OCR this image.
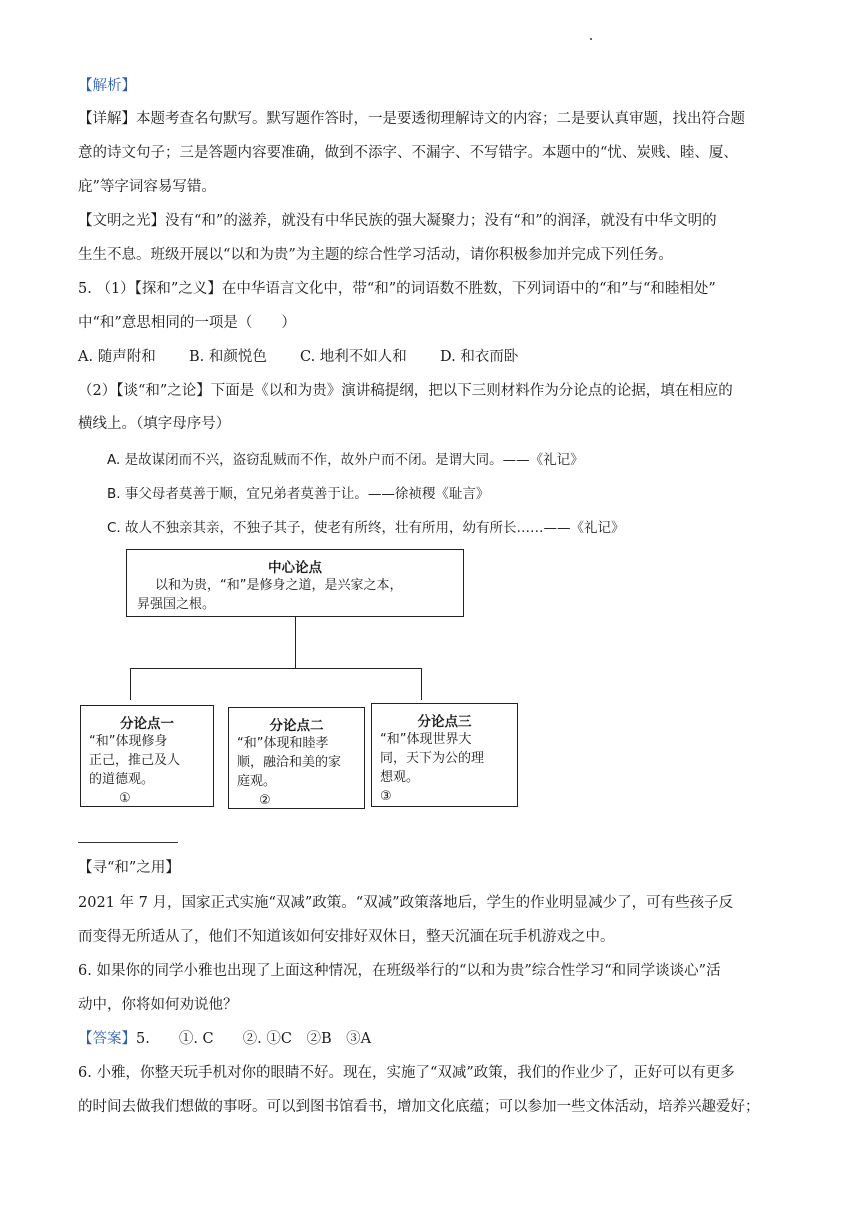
【解析】
【详解】本题考查名句默写。默写题作答时，一是要透彻理解诗文的内容；二是要认真审题，找出符合题
意的诗文句子；三是答题内容要准确，做到不添字、不漏字、不写错字。本题中的“忧、炭贱、睦、厦、
庇”等字词容易写错。
【文明之光】没有“和”的滋养，就没有中华民族的强大凝聚力；没有“和”的润泽，就没有中华文明的
生生不息。班级开展以“以和为贵”为主题的综合性学习活动，请你积极参加并完成下列任务。
5. （1）【探和”之义】在中华语言文化中，带“和”的词语数不胜数，下列词语中的“和”与“和睦相处”
中“和”意思相同的一项是（　　）
A. 随声附和 B. 和颜悦色 C. 地利不如人和 D. 和衣而卧
（2）【谈“和”之论】下面是《以和为贵》演讲稿提纲，把以下三则材料作为分论点的论据，填在相应的
横线上。（填字母序号）
A. 是故谋闭而不兴，盗窃乱贼而不作，故外户而不闭。是谓大同。——《礼记》
B. 事父母者莫善于顺，宜兄弟者莫善于让。——徐祯稷《耻言》
C. 故人不独亲其亲，不独子其子，使老有所终，壮有所用，幼有所长……——《礼记》
中心论点
以和为贵，“和”是修身之道，是兴家之本，
昇强国之根。
分论点一
“和”体现修身
正己，推己及人
的道德观。
①
分论点二
“和”体现和睦孝
顺，融洽和美的家
庭观。
②
分论点三
“和”体现世界大
同，天下为公的理
想观。
③
【寻“和”之用】
2021 年 7 月，国家正式实施“双减”政策。“双减”政策落地后，学生的作业明显减少了，可有些孩子反
而变得无所适从了，他们不知道该如何安排好双休日，整天沉湎在玩手机游戏之中。
6. 如果你的同学小雅也出现了上面这种情况，在班级举行的“以和为贵”综合性学习“和同学谈谈心”活
动中，你将如何劝说他？
【答案】5.　　①. C　　②. ①C　②B　③A
6. 小雅，你整天玩手机对你的眼睛不好。现在，实施了“双减”政策，我们的作业少了，正好可以有更多
的时间去做我们想做的事呀。可以到图书馆看书，增加文化底蕴；可以参加一些文体活动，培养兴趣爱好；
